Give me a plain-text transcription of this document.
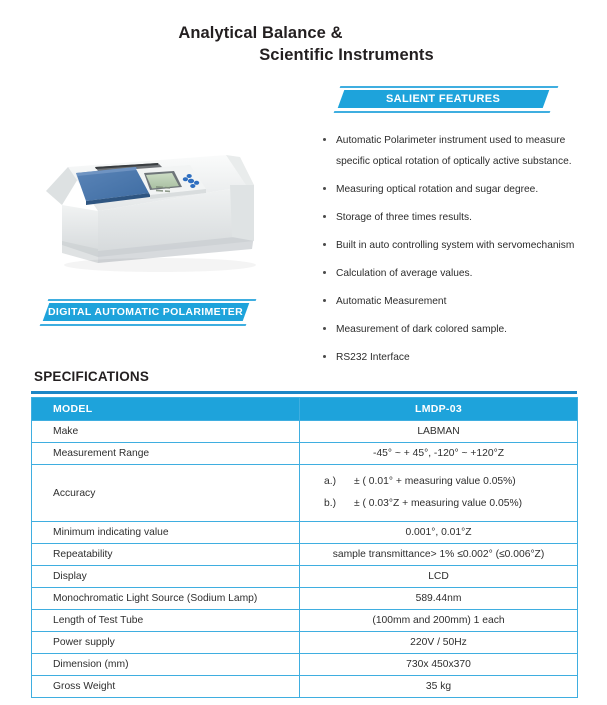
Analytical Balance &
Scientific Instruments
DIGITAL AUTOMATIC POLARIMETER
SALIENT FEATURES
Automatic Polarimeter instrument used to measure specific optical rotation of optically active substance.
Measuring optical rotation and sugar degree.
Storage of three times results.
Built in auto controlling system with servomechanism
Calculation of average values.
Automatic Measurement
Measurement of dark colored sample.
RS232 Interface
SPECIFICATIONS
MODEL	LMDP-03
Make	LABMAN
Measurement Range	-45° ~ + 45°, -120° ~ +120°Z
Accuracy	a.) ± ( 0.01° + measuring value 0.05%)
b.) ± ( 0.03°Z + measuring value 0.05%)

Minimum indicating value	0.001°, 0.01°Z
Repeatability	sample transmittance> 1% ≤0.002° (≤0.006°Z)
Display	LCD
Monochromatic Light Source (Sodium Lamp)	589.44nm
Length of Test Tube	(100mm and 200mm) 1 each
Power supply	220V / 50Hz
Dimension (mm)	730x 450x370
Gross Weight	35 kg
